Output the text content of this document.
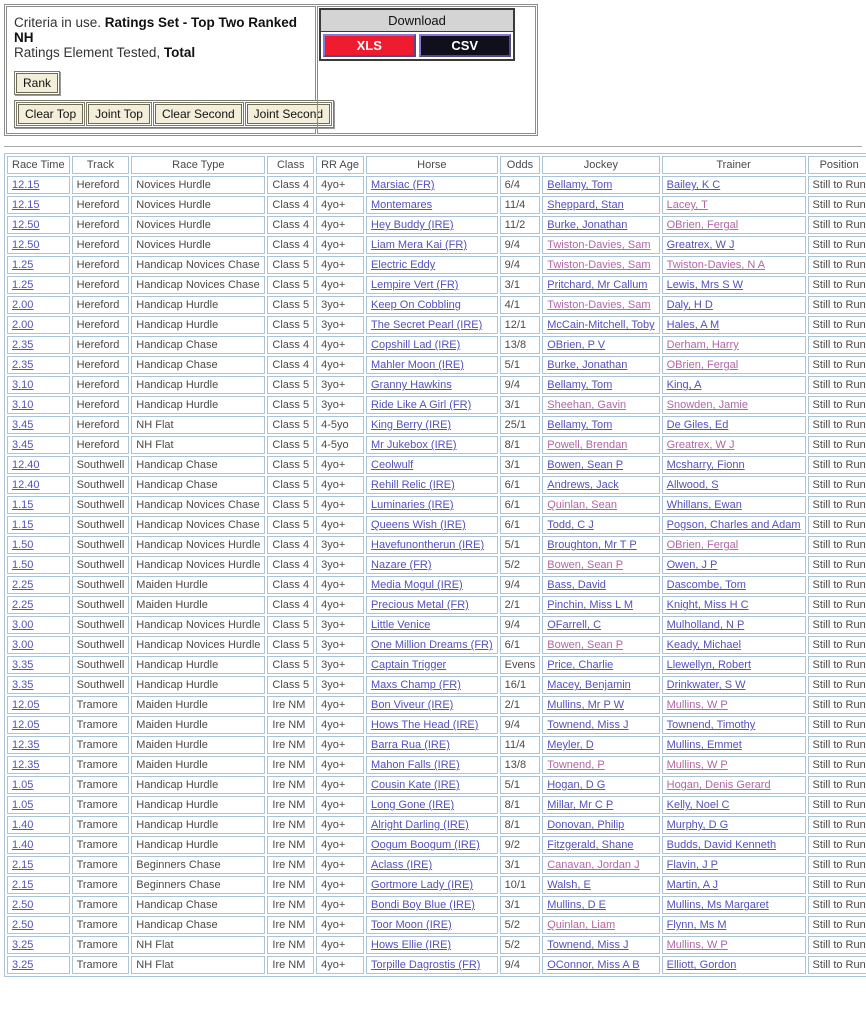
Criteria in use. Ratings Set - Top Two Ranked NH
Ratings Element Tested, Total
Rank
Clear Top	Joint Top	Clear Second	Joint Second
Download
XLS	CSV
Race Time	Track	Race Type	Class	RR Age	Horse	Odds	Jockey	Trainer	Position
12.15	Hereford	Novices Hurdle	Class 4	4yo+	Marsiac (FR)	6/4	Bellamy, Tom	Bailey, K C	Still to Run
12.15	Hereford	Novices Hurdle	Class 4	4yo+	Montemares	11/4	Sheppard, Stan	Lacey, T	Still to Run
12.50	Hereford	Novices Hurdle	Class 4	4yo+	Hey Buddy (IRE)	11/2	Burke, Jonathan	OBrien, Fergal	Still to Run
12.50	Hereford	Novices Hurdle	Class 4	4yo+	Liam Mera Kai (FR)	9/4	Twiston-Davies, Sam	Greatrex, W J	Still to Run
1.25	Hereford	Handicap Novices Chase	Class 5	4yo+	Electric Eddy	9/4	Twiston-Davies, Sam	Twiston-Davies, N A	Still to Run
1.25	Hereford	Handicap Novices Chase	Class 5	4yo+	Lempire Vert (FR)	3/1	Pritchard, Mr Callum	Lewis, Mrs S W	Still to Run
2.00	Hereford	Handicap Hurdle	Class 5	3yo+	Keep On Cobbling	4/1	Twiston-Davies, Sam	Daly, H D	Still to Run
2.00	Hereford	Handicap Hurdle	Class 5	3yo+	The Secret Pearl (IRE)	12/1	McCain-Mitchell, Toby	Hales, A M	Still to Run
2.35	Hereford	Handicap Chase	Class 4	4yo+	Copshill Lad (IRE)	13/8	OBrien, P V	Derham, Harry	Still to Run
2.35	Hereford	Handicap Chase	Class 4	4yo+	Mahler Moon (IRE)	5/1	Burke, Jonathan	OBrien, Fergal	Still to Run
3.10	Hereford	Handicap Hurdle	Class 5	3yo+	Granny Hawkins	9/4	Bellamy, Tom	King, A	Still to Run
3.10	Hereford	Handicap Hurdle	Class 5	3yo+	Ride Like A Girl (FR)	3/1	Sheehan, Gavin	Snowden, Jamie	Still to Run
3.45	Hereford	NH Flat	Class 5	4-5yo	King Berry (IRE)	25/1	Bellamy, Tom	De Giles, Ed	Still to Run
3.45	Hereford	NH Flat	Class 5	4-5yo	Mr Jukebox (IRE)	8/1	Powell, Brendan	Greatrex, W J	Still to Run
12.40	Southwell	Handicap Chase	Class 5	4yo+	Ceolwulf	3/1	Bowen, Sean P	Mcsharry, Fionn	Still to Run
12.40	Southwell	Handicap Chase	Class 5	4yo+	Rehill Relic (IRE)	6/1	Andrews, Jack	Allwood, S	Still to Run
1.15	Southwell	Handicap Novices Chase	Class 5	4yo+	Luminaries (IRE)	6/1	Quinlan, Sean	Whillans, Ewan	Still to Run
1.15	Southwell	Handicap Novices Chase	Class 5	4yo+	Queens Wish (IRE)	6/1	Todd, C J	Pogson, Charles and Adam	Still to Run
1.50	Southwell	Handicap Novices Hurdle	Class 4	3yo+	Havefunontherun (IRE)	5/1	Broughton, Mr T P	OBrien, Fergal	Still to Run
1.50	Southwell	Handicap Novices Hurdle	Class 4	3yo+	Nazare (FR)	5/2	Bowen, Sean P	Owen, J P	Still to Run
2.25	Southwell	Maiden Hurdle	Class 4	4yo+	Media Mogul (IRE)	9/4	Bass, David	Dascombe, Tom	Still to Run
2.25	Southwell	Maiden Hurdle	Class 4	4yo+	Precious Metal (FR)	2/1	Pinchin, Miss L M	Knight, Miss H C	Still to Run
3.00	Southwell	Handicap Novices Hurdle	Class 5	3yo+	Little Venice	9/4	OFarrell, C	Mulholland, N P	Still to Run
3.00	Southwell	Handicap Novices Hurdle	Class 5	3yo+	One Million Dreams (FR)	6/1	Bowen, Sean P	Keady, Michael	Still to Run
3.35	Southwell	Handicap Hurdle	Class 5	3yo+	Captain Trigger	Evens	Price, Charlie	Llewellyn, Robert	Still to Run
3.35	Southwell	Handicap Hurdle	Class 5	3yo+	Maxs Champ (FR)	16/1	Macey, Benjamin	Drinkwater, S W	Still to Run
12.05	Tramore	Maiden Hurdle	Ire NM	4yo+	Bon Viveur (IRE)	2/1	Mullins, Mr P W	Mullins, W P	Still to Run
12.05	Tramore	Maiden Hurdle	Ire NM	4yo+	Hows The Head (IRE)	9/4	Townend, Miss J	Townend, Timothy	Still to Run
12.35	Tramore	Maiden Hurdle	Ire NM	4yo+	Barra Rua (IRE)	11/4	Meyler, D	Mullins, Emmet	Still to Run
12.35	Tramore	Maiden Hurdle	Ire NM	4yo+	Mahon Falls (IRE)	13/8	Townend, P	Mullins, W P	Still to Run
1.05	Tramore	Handicap Hurdle	Ire NM	4yo+	Cousin Kate (IRE)	5/1	Hogan, D G	Hogan, Denis Gerard	Still to Run
1.05	Tramore	Handicap Hurdle	Ire NM	4yo+	Long Gone (IRE)	8/1	Millar, Mr C P	Kelly, Noel C	Still to Run
1.40	Tramore	Handicap Hurdle	Ire NM	4yo+	Alright Darling (IRE)	8/1	Donovan, Philip	Murphy, D G	Still to Run
1.40	Tramore	Handicap Hurdle	Ire NM	4yo+	Oogum Boogum (IRE)	9/2	Fitzgerald, Shane	Budds, David Kenneth	Still to Run
2.15	Tramore	Beginners Chase	Ire NM	4yo+	Aclass (IRE)	3/1	Canavan, Jordan J	Flavin, J P	Still to Run
2.15	Tramore	Beginners Chase	Ire NM	4yo+	Gortmore Lady (IRE)	10/1	Walsh, E	Martin, A J	Still to Run
2.50	Tramore	Handicap Chase	Ire NM	4yo+	Bondi Boy Blue (IRE)	3/1	Mullins, D E	Mullins, Ms Margaret	Still to Run
2.50	Tramore	Handicap Chase	Ire NM	4yo+	Toor Moon (IRE)	5/2	Quinlan, Liam	Flynn, Ms M	Still to Run
3.25	Tramore	NH Flat	Ire NM	4yo+	Hows Ellie (IRE)	5/2	Townend, Miss J	Mullins, W P	Still to Run
3.25	Tramore	NH Flat	Ire NM	4yo+	Torpille Dagrostis (FR)	9/4	OConnor, Miss A B	Elliott, Gordon	Still to Run
